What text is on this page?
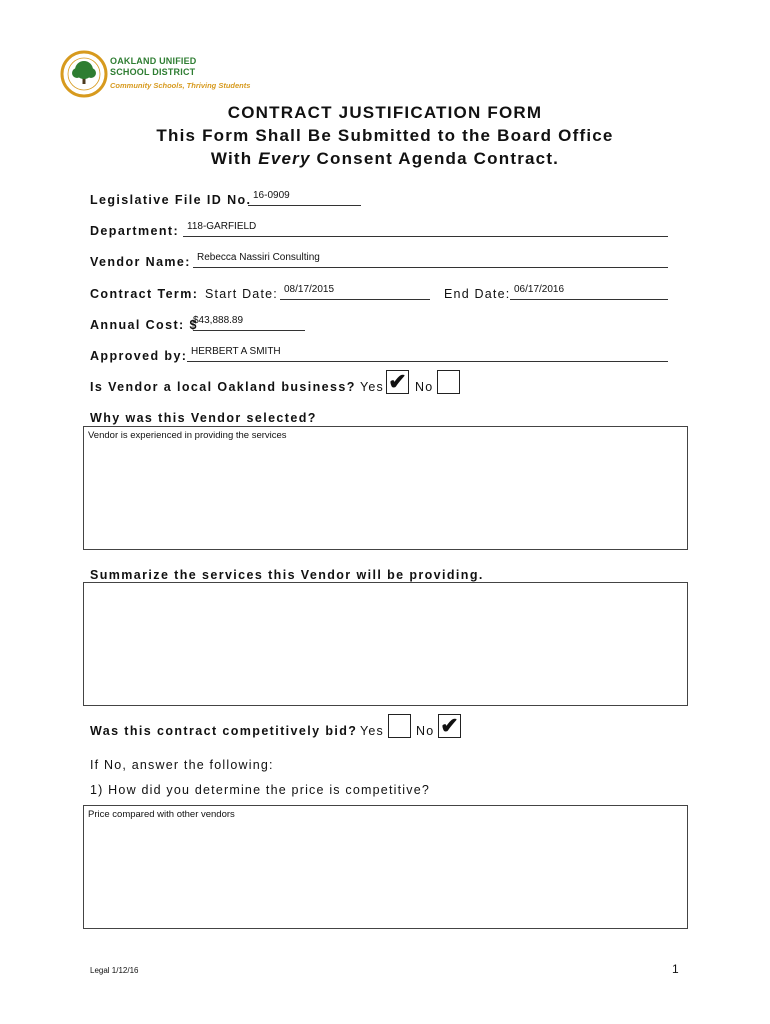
OAKLAND UNIFIED
SCHOOL DISTRICT
Community Schools, Thriving Students
CONTRACT JUSTIFICATION FORM
This Form Shall Be Submitted to the Board Office
With Every Consent Agenda Contract.
Legislative File ID No. 16-0909
Department: 118-GARFIELD
Vendor Name: Rebecca Nassiri Consulting
Contract Term: Start Date: 08/17/2015	End Date: 06/17/2016
Annual Cost: $
$43,888.89
Approved by: HERBERT A SMITH
Is Vendor a local Oakland business? Yes ✔ No
Why was this Vendor selected?
Vendor is experienced in providing the services
Summarize the services this Vendor will be providing.
Was this contract competitively bid? Yes	No ✔
If No, answer the following:
1) How did you determine the price is competitive?
Price compared with other vendors
Legal 1/12/16	1
